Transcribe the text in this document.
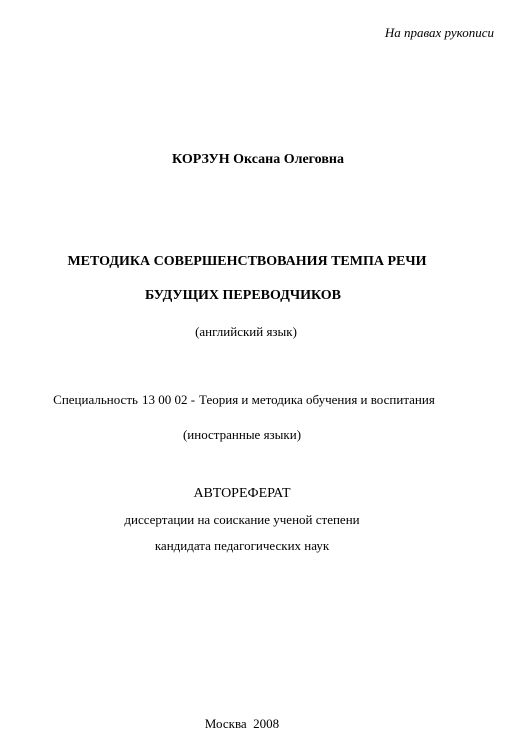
На правах рукописи
КОРЗУН Оксана Олеговна
МЕТОДИКА СОВЕРШЕНСТВОВАНИЯ ТЕМПА РЕЧИ
БУДУЩИХ ПЕРЕВОДЧИКОВ
(английский язык)
Специальность 13 00 02 - Теория и методика обучения и воспитания
(иностранные языки)
АВТОРЕФЕРАТ
диссертации на соискание ученой степени
кандидата педагогических наук
Москва  2008
